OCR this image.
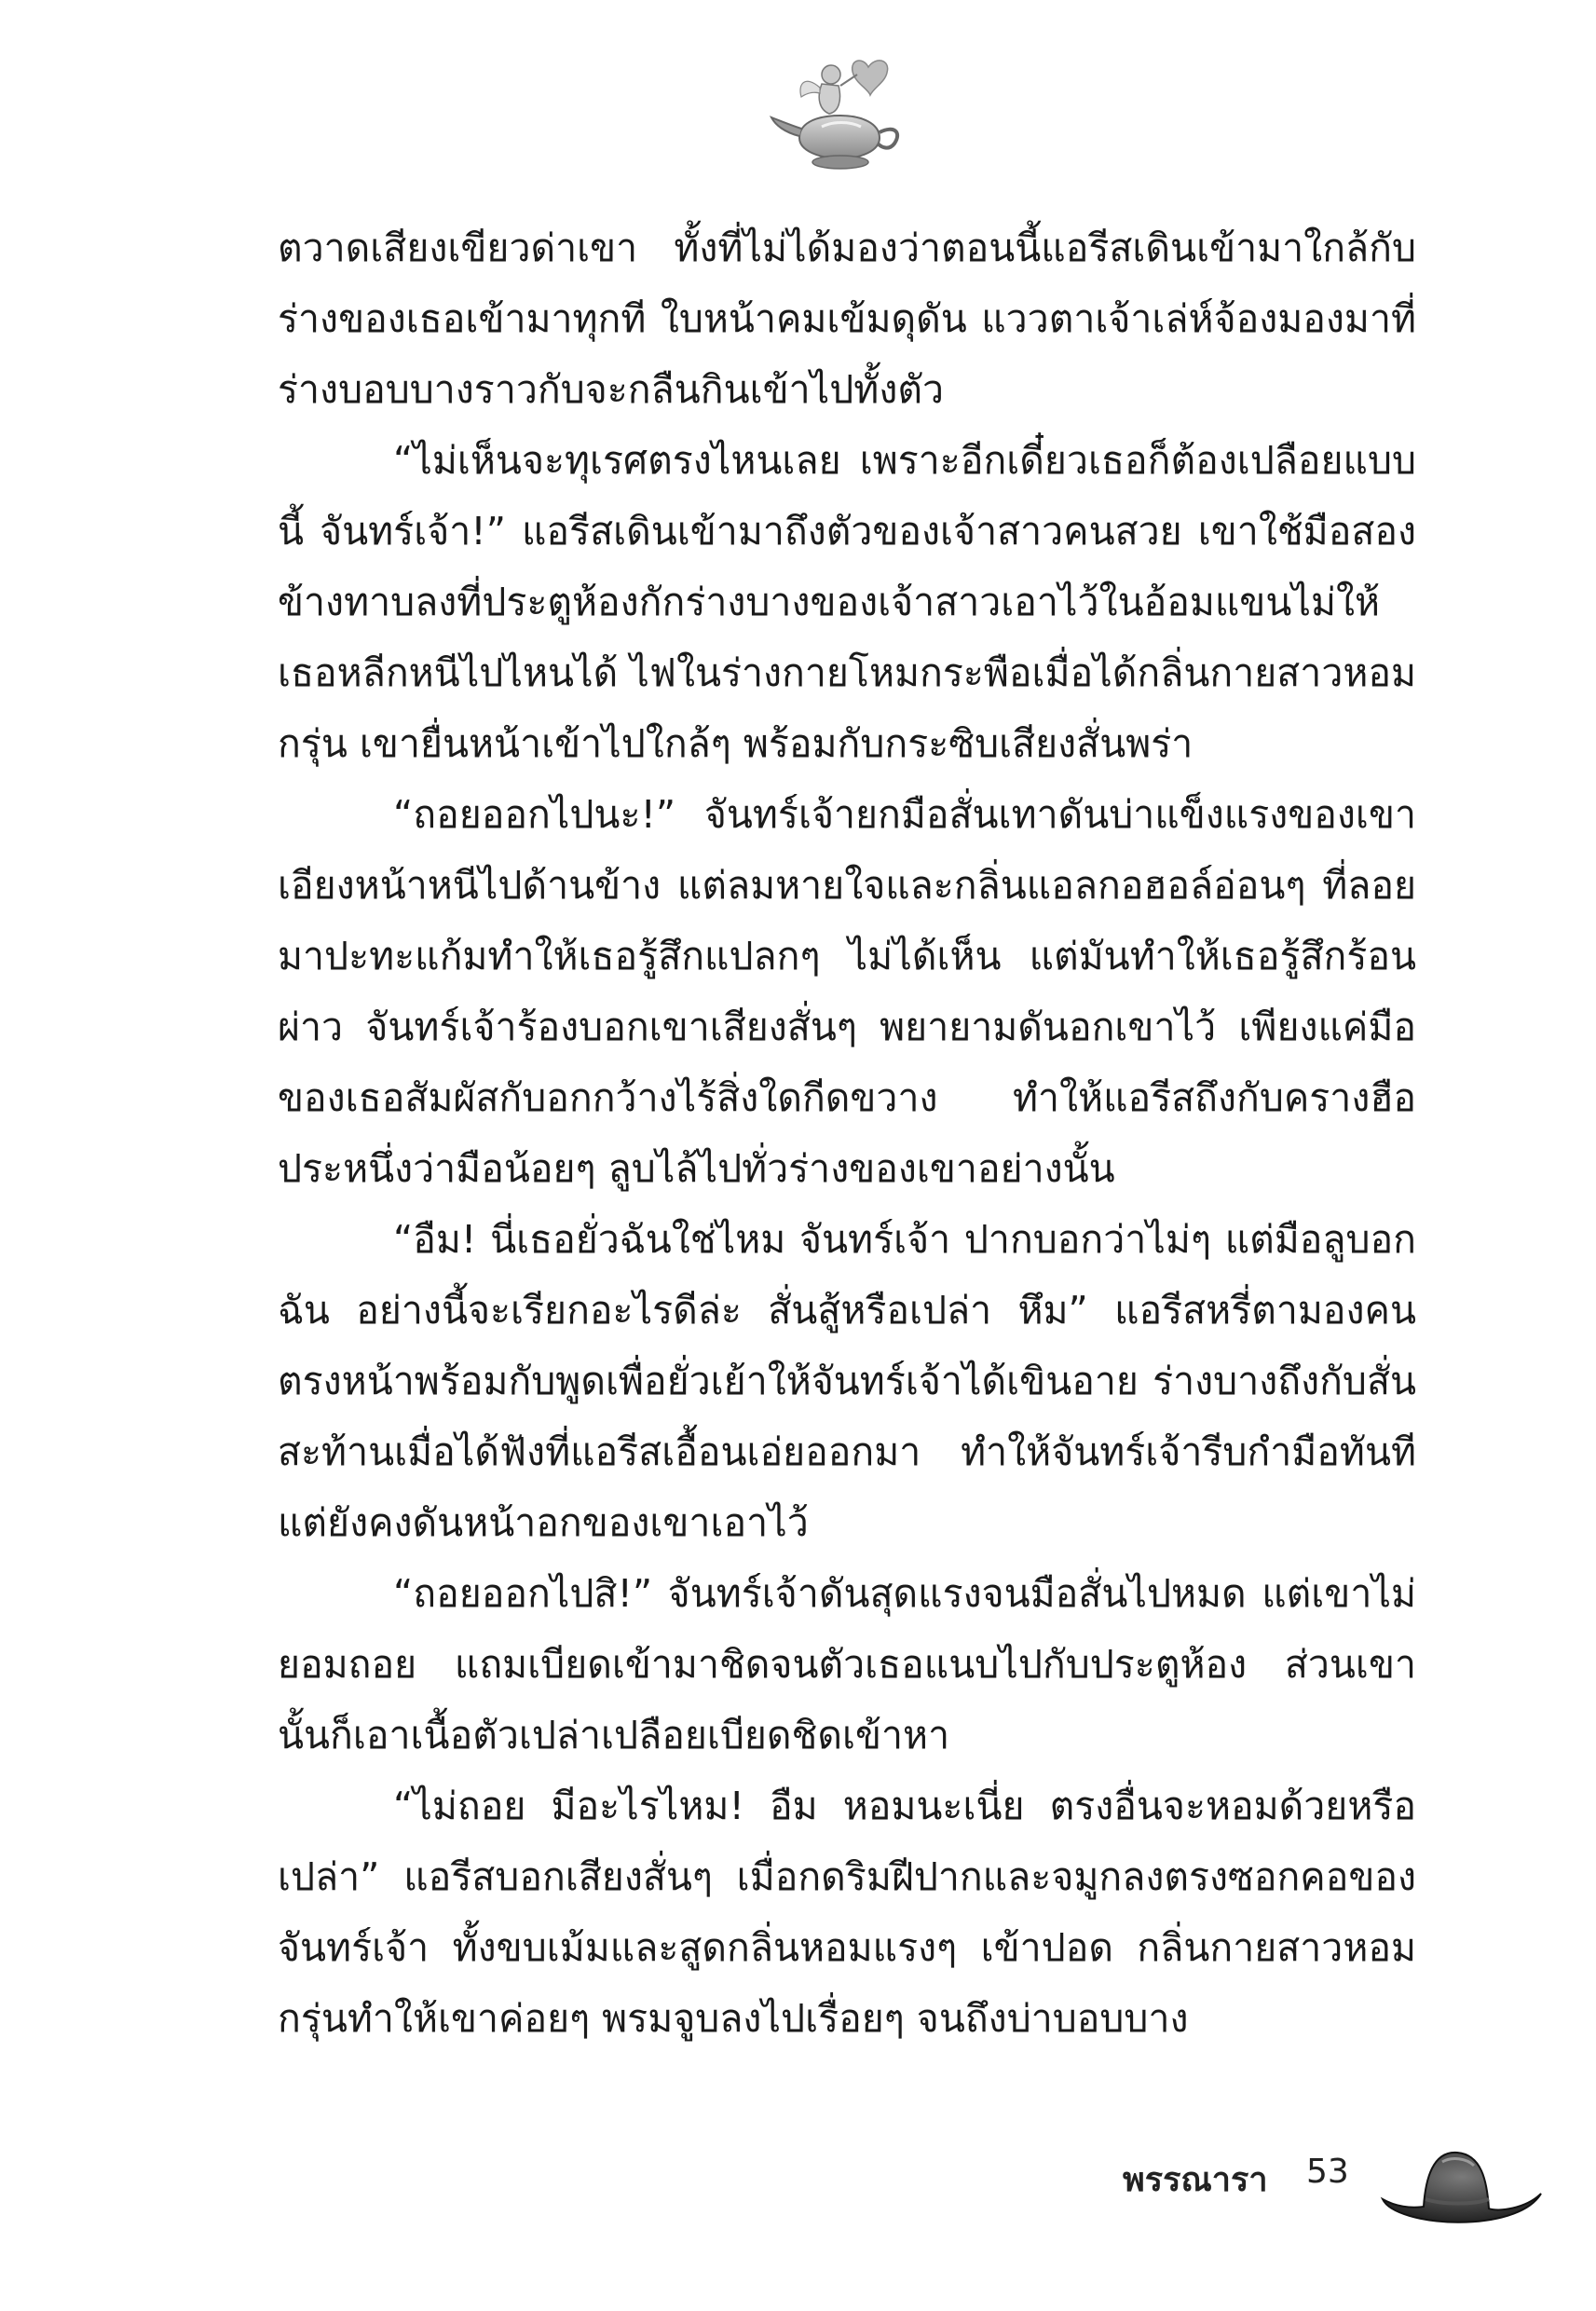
ตวาดเสียงเขียวด่าเขา ทั้งที่ไม่ได้มองว่าตอนนี้แอรีสเดินเข้ามาใกล้กับร่างของเธอเข้ามาทุกที ใบหน้าคมเข้มดุดัน แววตาเจ้าเล่ห์จ้องมองมาที่ร่างบอบบางราวกับจะกลืนกินเข้าไปทั้งตัว

“ไม่เห็นจะทุเรศตรงไหนเลย เพราะอีกเดี๋ยวเธอก็ต้องเปลือยแบบนี้ จันทร์เจ้า!” แอรีสเดินเข้ามาถึงตัวของเจ้าสาวคนสวย เขาใช้มือสองข้างทาบลงที่ประตูห้องกักร่างบางของเจ้าสาวเอาไว้ในอ้อมแขนไม่ให้เธอหลีกหนีไปไหนได้ ไฟในร่างกายโหมกระพือเมื่อได้กลิ่นกายสาวหอมกรุ่น เขายื่นหน้าเข้าไปใกล้ๆ พร้อมกับกระซิบเสียงสั่นพร่า

“ถอยออกไปนะ!” จันทร์เจ้ายกมือสั่นเทาดันบ่าแข็งแรงของเขาเอียงหน้าหนีไปด้านข้าง แต่ลมหายใจและกลิ่นแอลกอฮอล์อ่อนๆ ที่ลอยมาปะทะแก้มทำให้เธอรู้สึกแปลกๆ ไม่ได้เห็น แต่มันทำให้เธอรู้สึกร้อนผ่าว จันทร์เจ้าร้องบอกเขาเสียงสั่นๆ พยายามดันอกเขาไว้ เพียงแค่มือของเธอสัมผัสกับอกกว้างไร้สิ่งใดกีดขวาง ทำให้แอรีสถึงกับครางฮือประหนึ่งว่ามือน้อยๆ ลูบไล้ไปทั่วร่างของเขาอย่างนั้น

“อืม! นี่เธอยั่วฉันใช่ไหม จันทร์เจ้า ปากบอกว่าไม่ๆ แต่มือลูบอกฉัน อย่างนี้จะเรียกอะไรดีล่ะ สั่นสู้หรือเปล่า หึม” แอรีสหรี่ตามองคนตรงหน้าพร้อมกับพูดเพื่อยั่วเย้าให้จันทร์เจ้าได้เขินอาย ร่างบางถึงกับสั่นสะท้านเมื่อได้ฟังที่แอรีสเอื้อนเอ่ยออกมา ทำให้จันทร์เจ้ารีบกำมือทันที แต่ยังคงดันหน้าอกของเขาเอาไว้

“ถอยออกไปสิ!” จันทร์เจ้าดันสุดแรงจนมือสั่นไปหมด แต่เขาไม่ยอมถอย แถมเบียดเข้ามาชิดจนตัวเธอแนบไปกับประตูห้อง ส่วนเขานั้นก็เอาเนื้อตัวเปล่าเปลือยเบียดชิดเข้าหา

“ไม่ถอย มีอะไรไหม! อืม หอมนะเนี่ย ตรงอื่นจะหอมด้วยหรือเปล่า” แอรีสบอกเสียงสั่นๆ เมื่อกดริมฝีปากและจมูกลงตรงซอกคอของจันทร์เจ้า ทั้งขบเม้มและสูดกลิ่นหอมแรงๆ เข้าปอด กลิ่นกายสาวหอมกรุ่นทำให้เขาค่อยๆ พรมจูบลงไปเรื่อยๆ จนถึงบ่าบอบบาง

พรรณารา 53
